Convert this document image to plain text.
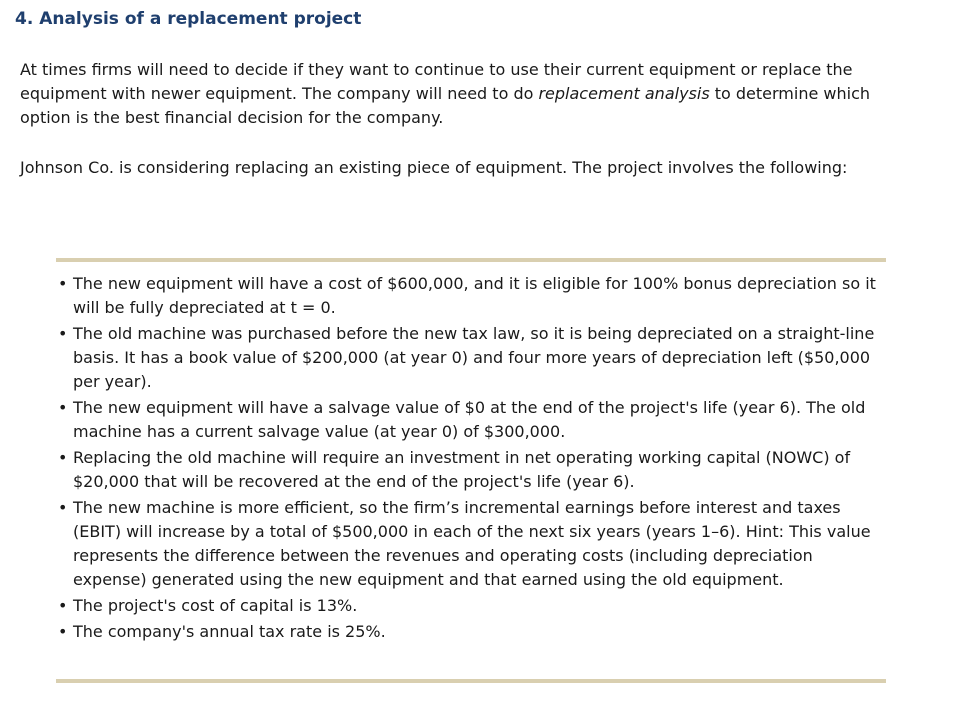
4. Analysis of a replacement project

At times firms will need to decide if they want to continue to use their current equipment or replace the equipment with newer equipment. The company will need to do replacement analysis to determine which option is the best financial decision for the company.

Johnson Co. is considering replacing an existing piece of equipment. The project involves the following:

• The new equipment will have a cost of $600,000, and it is eligible for 100% bonus depreciation so it will be fully depreciated at t = 0.
• The old machine was purchased before the new tax law, so it is being depreciated on a straight-line basis. It has a book value of $200,000 (at year 0) and four more years of depreciation left ($50,000 per year).
• The new equipment will have a salvage value of $0 at the end of the project's life (year 6). The old machine has a current salvage value (at year 0) of $300,000.
• Replacing the old machine will require an investment in net operating working capital (NOWC) of $20,000 that will be recovered at the end of the project's life (year 6).
• The new machine is more efficient, so the firm’s incremental earnings before interest and taxes (EBIT) will increase by a total of $500,000 in each of the next six years (years 1–6). Hint: This value represents the difference between the revenues and operating costs (including depreciation expense) generated using the new equipment and that earned using the old equipment.
• The project's cost of capital is 13%.
• The company's annual tax rate is 25%.
